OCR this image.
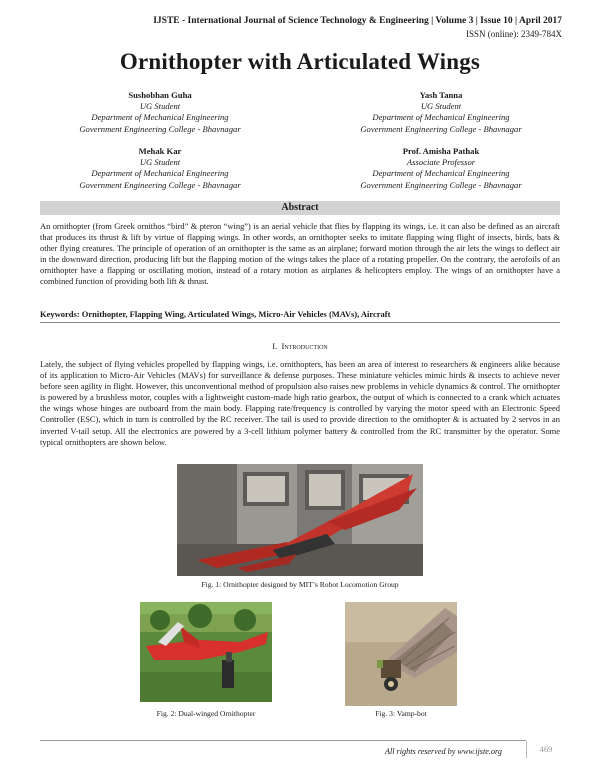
IJSTE - International Journal of Science Technology & Engineering | Volume 3 | Issue 10 | April 2017
ISSN (online): 2349-784X
Ornithopter with Articulated Wings
Sushobhan Guha
UG Student
Department of Mechanical Engineering
Government Engineering College - Bhavnagar
Yash Tanna
UG Student
Department of Mechanical Engineering
Government Engineering College - Bhavnagar
Mehak Kar
UG Student
Department of Mechanical Engineering
Government Engineering College - Bhavnagar
Prof. Amisha Pathak
Associate Professor
Department of Mechanical Engineering
Government Engineering College - Bhavnagar
Abstract
An ornithopter (from Greek ornithos “bird” & pteron “wing”) is an aerial vehicle that flies by flapping its wings, i.e. it can also be defined as an aircraft that produces its thrust & lift by virtue of flapping wings. In other words, an ornithopter seeks to imitate flapping wing flight of insects, birds, bats & other flying creatures. The principle of operation of an ornithopter is the same as an airplane; forward motion through the air lets the wings to deflect air in the downward direction, producing lift but the flapping motion of the wings takes the place of a rotating propeller. On the contrary, the aerofoils of an ornithopter have a flapping or oscillating motion, instead of a rotary motion as airplanes & helicopters employ. The wings of an ornithopter have a combined function of providing both lift & thrust.
Keywords: Ornithopter, Flapping Wing, Articulated Wings, Micro-Air Vehicles (MAVs), Aircraft
I. Introduction
Lately, the subject of flying vehicles propelled by flapping wings, i.e. ornithopters, has been an area of interest to researchers & engineers alike because of its application to Micro-Air Vehicles (MAVs) for surveillance & defense purposes. These miniature vehicles mimic birds & insects to achieve never before seen agility in flight. However, this unconventional method of propulsion also raises new problems in vehicle dynamics & control. The ornithopter is powered by a brushless motor, couples with a lightweight custom-made high ratio gearbox, the output of which is connected to a crank which actuates the wings whose hinges are outboard from the main body. Flapping rate/frequency is controlled by varying the motor speed with an Electronic Speed Controller (ESC), which in turn is controlled by the RC receiver. The tail is used to provide direction to the ornithopter & is actuated by 2 servos in an inverted V-tail setup. All the electronics are powered by a 3-cell lithium polymer battery & controlled from the RC transmitter by the operator. Some typical ornithopters are shown below.
Fig. 1: Ornithopter designed by MIT’s Robot Locomotion Group
Fig. 2: Dual-winged Ornithopter	Fig. 3: Vamp-bot
All rights reserved by www.ijste.org	469
